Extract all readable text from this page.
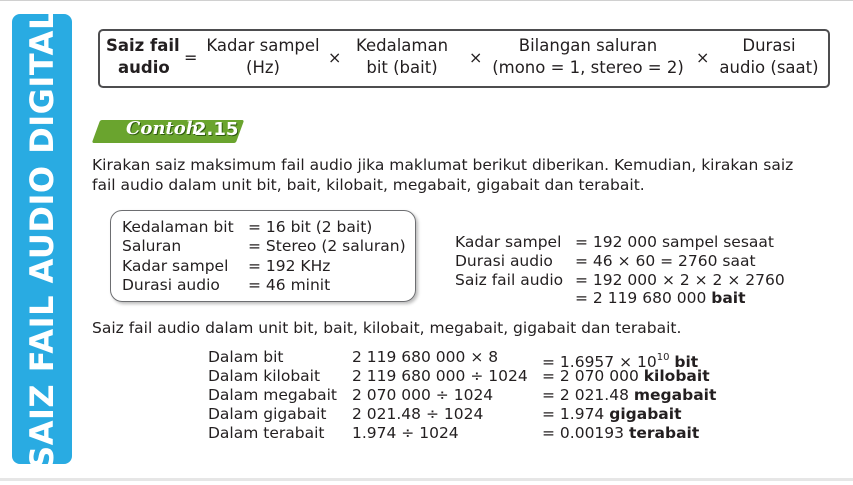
SAIZ FAIL AUDIO DIGITAL	Saiz fail
audio
=
Kadar sampel
(Hz)
×
Kedalaman
bit (bait)
×
Bilangan saluran
(mono = 1, stereo = 2)
×
Durasi
audio (saat)
Contoh
2.15
Kirakan saiz maksimum fail audio jika maklumat berikut diberikan. Kemudian, kirakan saiz
fail audio dalam unit bit, bait, kilobait, megabait, gigabait dan terabait.
Kedalaman bit = 16 bit (2 bait)
Saluran	= Stereo (2 saluran)
Kadar sampel = 192 KHz
Durasi audio = 46 minit
Kadar sampel = 192 000 sampel sesaat
Durasi audio = 46 × 60 = 2760 saat
Saiz fail audio = 192 000 × 2 × 2 × 2760
= 2 119 680 000 bait
Saiz fail audio dalam unit bit, bait, kilobait, megabait, gigabait dan terabait.
Dalam bit	2 119 680 000 × 8	= $1.6957 \times 10^{10}$ bit
Dalam kilobait 2 119 680 000 ÷ 1024 = 2 070 000 kilobait
Dalam megabait 2 070 000 ÷ 1024	= 2 021.48 megabait
Dalam gigabait 2 021.48 ÷ 1024	= 1.974 gigabait
Dalam terabait 1.974 ÷ 1024	= 0.00193 terabait
